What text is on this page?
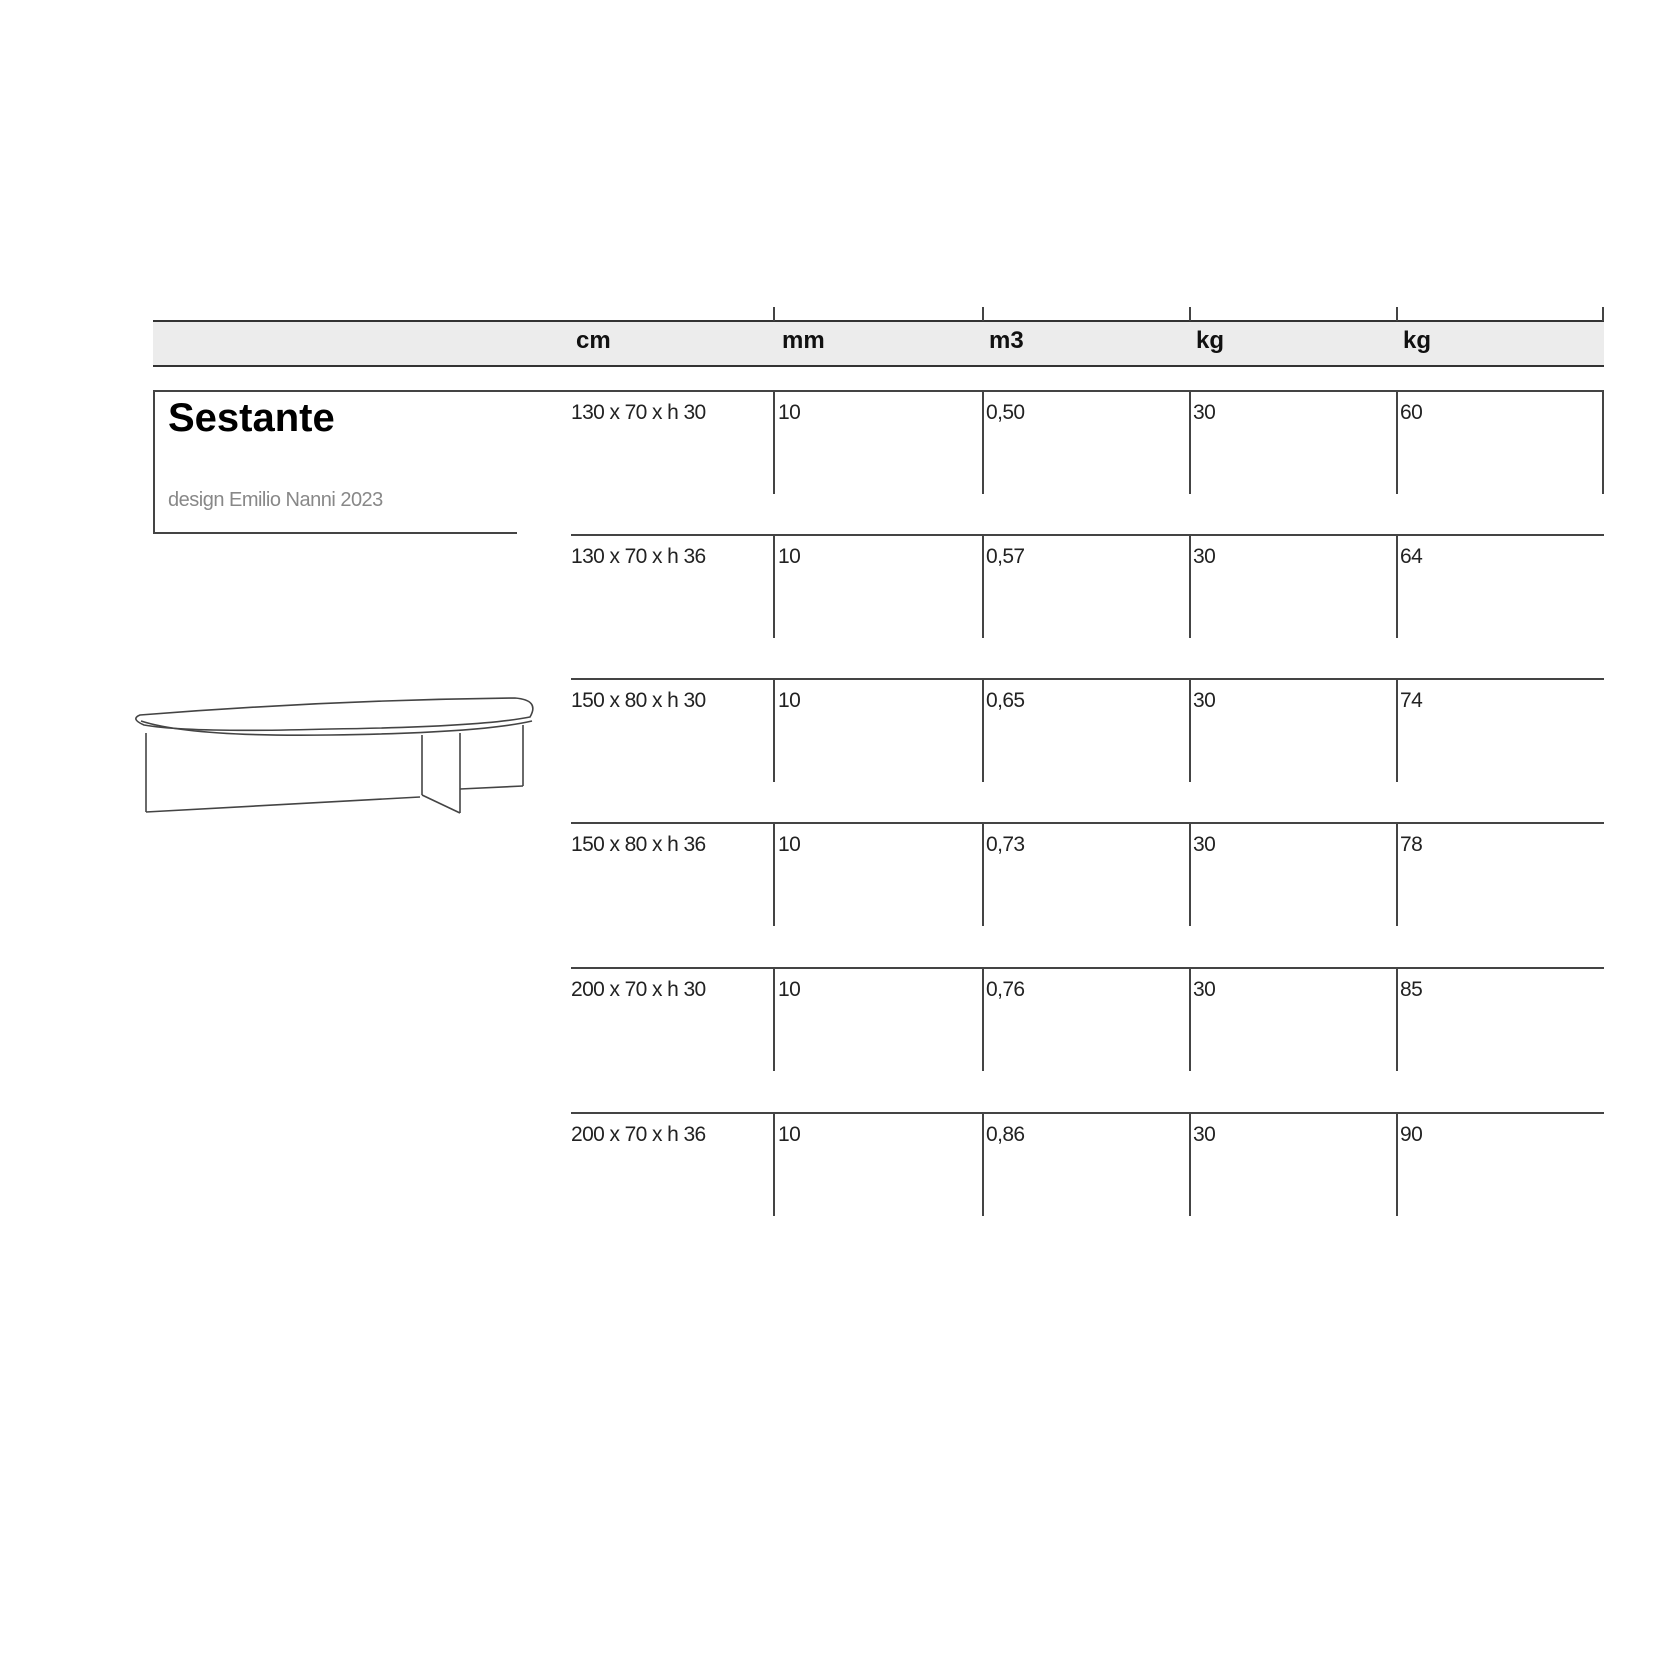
cm	mm	m3	kg	kg
Sestante
design Emilio Nanni 2023
130 x 70 x h 30	10	0,50	30	60
130 x 70 x h 36	10	0,57	30	64
150 x 80 x h 30	10	0,65	30	74
150 x 80 x h 36	10	0,73	30	78
200 x 70 x h 30	10	0,76	30	85
200 x 70 x h 36	10	0,86	30	90
